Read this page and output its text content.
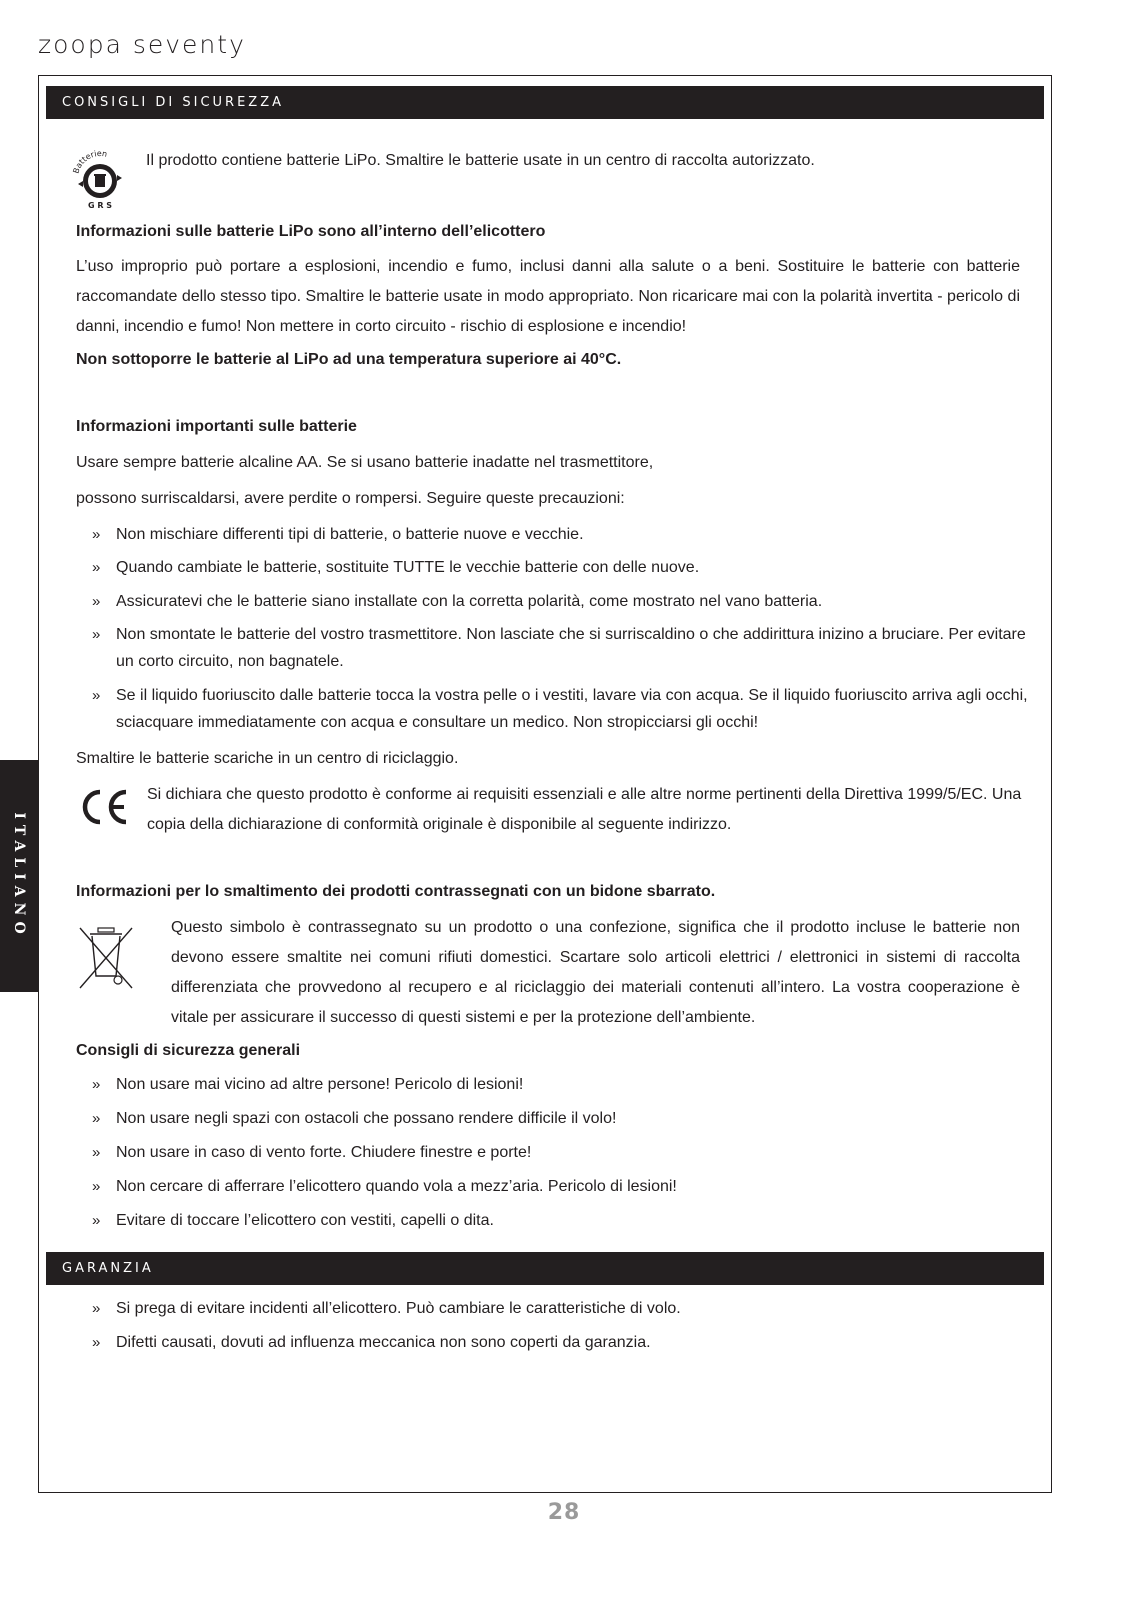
zoopa seventy
ITALIANO
CONSIGLI DI SICUREZZA
Batterien
G R S
Il prodotto contiene batterie LiPo. Smaltire le batterie usate in un centro di raccolta autorizzato.
Informazioni sulle batterie LiPo sono all’interno dell’elicottero
L’uso improprio può portare a esplosioni, incendio e fumo, inclusi danni alla salute o a beni. Sostituire le batterie con batterie raccomandate dello stesso tipo. Smaltire le batterie usate in modo appropriato. Non ricaricare mai con la polarità invertita - pericolo di danni, incendio e fumo! Non mettere in corto circuito - rischio di esplosione e incendio!
Non sottoporre le batterie al LiPo ad una temperatura superiore ai 40°C.
Informazioni importanti sulle batterie
Usare sempre batterie alcaline AA. Se si usano batterie inadatte nel trasmettitore,
possono surriscaldarsi, avere perdite o rompersi. Seguire queste precauzioni:
» Non mischiare differenti tipi di batterie, o batterie nuove e vecchie.
» Quando cambiate le batterie, sostituite TUTTE le vecchie batterie con delle nuove.
» Assicuratevi che le batterie siano installate con la corretta polarità, come mostrato nel vano batteria.
» Non smontate le batterie del vostro trasmettitore. Non lasciate che si surriscaldino o che addirittura inizino a bruciare. Per evitare un corto circuito, non bagnatele.
» Se il liquido fuoriuscito dalle batterie tocca la vostra pelle o i vestiti, lavare via con acqua. Se il liquido fuoriuscito arriva agli occhi, sciacquare immediatamente con acqua e consultare un medico. Non stropicciarsi gli occhi!
Smaltire le batterie scariche in un centro di riciclaggio.
Si dichiara che questo prodotto è conforme ai requisiti essenziali e alle altre norme pertinenti della Direttiva 1999/5/EC. Una copia della dichiarazione di conformità originale è disponibile al seguente indirizzo.
Informazioni per lo smaltimento dei prodotti contrassegnati con un bidone sbarrato.
Questo simbolo è contrassegnato su un prodotto o una confezione, significa che il prodotto incluse le batterie non devono essere smaltite nei comuni rifiuti domestici. Scartare solo articoli elettrici / elettronici in sistemi di raccolta differenziata che provvedono al recupero e al riciclaggio dei materiali contenuti all’intero. La vostra cooperazione è vitale per assicurare il successo di questi sistemi e per la protezione dell’ambiente.
Consigli di sicurezza generali
» Non usare mai vicino ad altre persone! Pericolo di lesioni!
» Non usare negli spazi con ostacoli che possano rendere difficile il volo!
» Non usare in caso di vento forte. Chiudere finestre e porte!
» Non cercare di afferrare l’elicottero quando vola a mezz’aria. Pericolo di lesioni!
» Evitare di toccare l’elicottero con vestiti, capelli o dita.
GARANZIA
» Si prega di evitare incidenti all’elicottero. Può cambiare le caratteristiche di volo.
» Difetti causati, dovuti ad influenza meccanica non sono coperti da garanzia.
28
